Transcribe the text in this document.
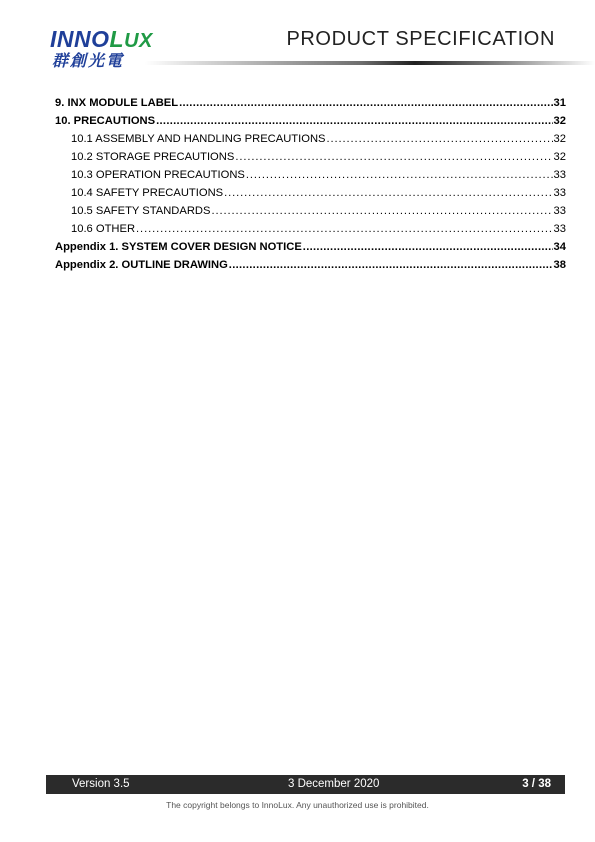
INNOLUX
群創光電
PRODUCT SPECIFICATION
9. INX MODULE LABEL .....	31
10. PRECAUTIONS .....	32
10.1 ASSEMBLY AND HANDLING PRECAUTIONS .....	32
10.2 STORAGE PRECAUTIONS .....	32
10.3 OPERATION PRECAUTIONS .....	33
10.4 SAFETY PRECAUTIONS .....	33
10.5 SAFETY STANDARDS .....	33
10.6 OTHER .....	33
Appendix 1. SYSTEM COVER DESIGN NOTICE .....	34
Appendix 2. OUTLINE DRAWING .....	38
Version 3.5	3 December 2020	3 / 38
The copyright belongs to InnoLux. Any unauthorized use is prohibited.
